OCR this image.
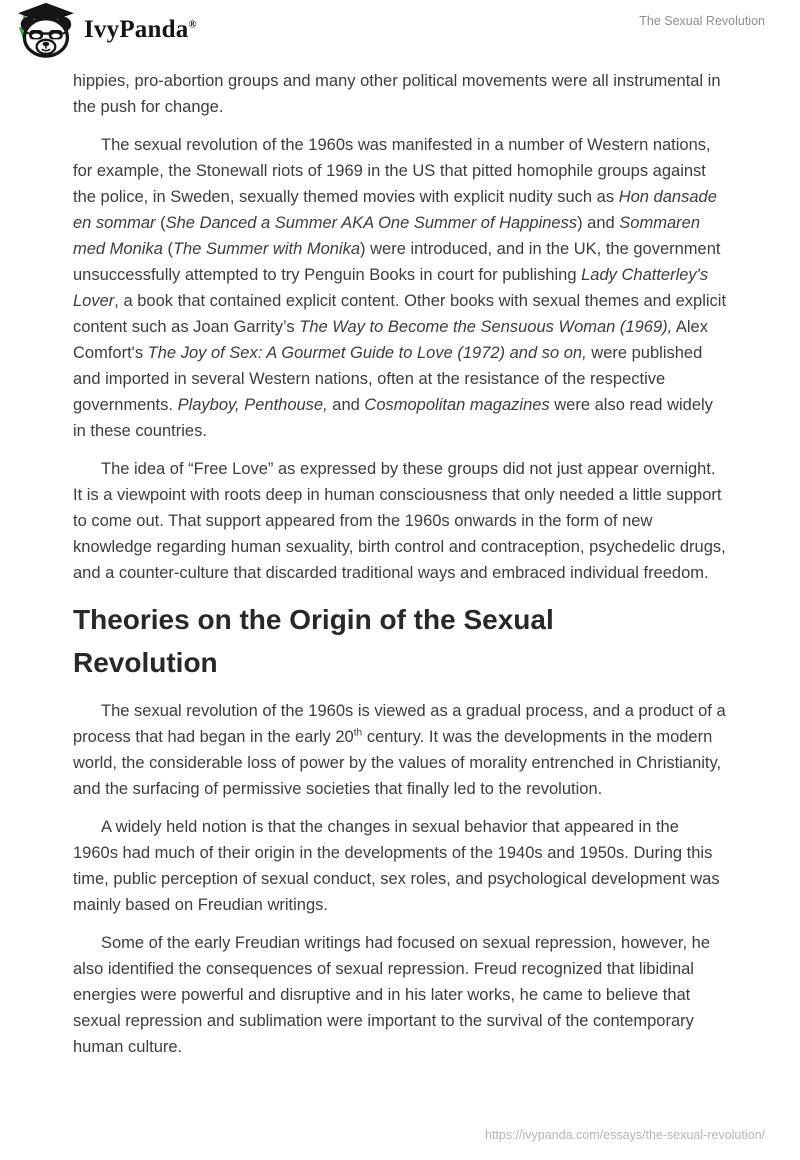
IvyPanda®	The Sexual Revolution

hippies, pro-abortion groups and many other political movements were all instrumental in the push for change.

The sexual revolution of the 1960s was manifested in a number of Western nations, for example, the Stonewall riots of 1969 in the US that pitted homophile groups against the police, in Sweden, sexually themed movies with explicit nudity such as Hon dansade en sommar (She Danced a Summer AKA One Summer of Happiness) and Sommaren med Monika (The Summer with Monika) were introduced, and in the UK, the government unsuccessfully attempted to try Penguin Books in court for publishing Lady Chatterley's Lover, a book that contained explicit content. Other books with sexual themes and explicit content such as Joan Garrity’s The Way to Become the Sensuous Woman (1969), Alex Comfort's The Joy of Sex: A Gourmet Guide to Love (1972) and so on, were published and imported in several Western nations, often at the resistance of the respective governments. Playboy, Penthouse, and Cosmopolitan magazines were also read widely in these countries.

The idea of “Free Love” as expressed by these groups did not just appear overnight. It is a viewpoint with roots deep in human consciousness that only needed a little support to come out. That support appeared from the 1960s onwards in the form of new knowledge regarding human sexuality, birth control and contraception, psychedelic drugs, and a counter-culture that discarded traditional ways and embraced individual freedom.

Theories on the Origin of the Sexual Revolution

The sexual revolution of the 1960s is viewed as a gradual process, and a product of a process that had began in the early 20th century. It was the developments in the modern world, the considerable loss of power by the values of morality entrenched in Christianity, and the surfacing of permissive societies that finally led to the revolution.

A widely held notion is that the changes in sexual behavior that appeared in the 1960s had much of their origin in the developments of the 1940s and 1950s. During this time, public perception of sexual conduct, sex roles, and psychological development was mainly based on Freudian writings.

Some of the early Freudian writings had focused on sexual repression, however, he also identified the consequences of sexual repression. Freud recognized that libidinal energies were powerful and disruptive and in his later works, he came to believe that sexual repression and sublimation were important to the survival of the contemporary human culture.

https://ivypanda.com/essays/the-sexual-revolution/
